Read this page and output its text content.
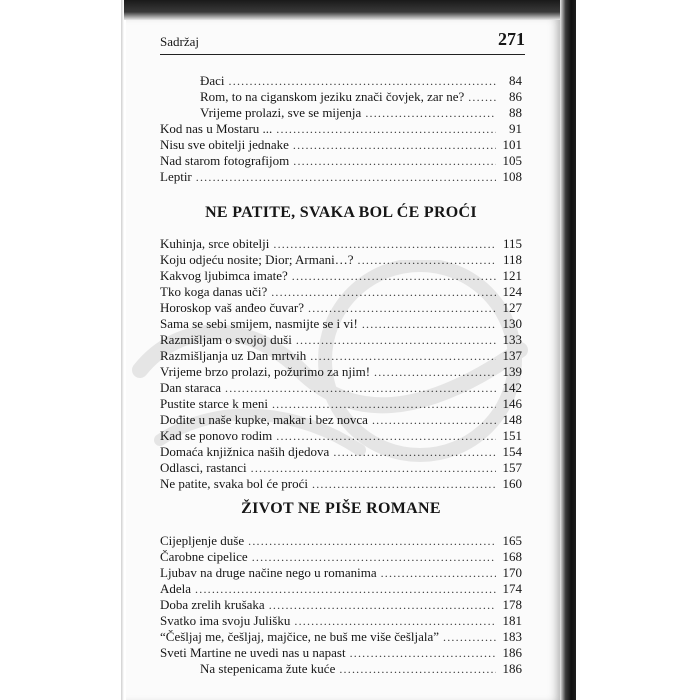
Sadržaj	271
Đaci .....	84
Rom, to na ciganskom jeziku znači čovjek, zar ne? .....	86
Vrijeme prolazi, sve se mijenja .....	88
Kod nas u Mostaru ... .....	91
Nisu sve obitelji jednake .....	101
Nad starom fotografijom .....	105
Leptir .....	108
NE PATITE, SVAKA BOL ĆE PROĆI
Kuhinja, srce obitelji .....	115
Koju odjeću nosite; Dior; Armani…? .....	118
Kakvog ljubimca imate? .....	121
Tko koga danas uči? .....	124
Horoskop vaš anđeo čuvar? .....	127
Sama se sebi smijem, nasmijte se i vi! .....	130
Razmišljam o svojoj duši .....	133
Razmišljanja uz Dan mrtvih .....	137
Vrijeme brzo prolazi, požurimo za njim! .....	139
Dan staraca .....	142
Pustite starce k meni .....	146
Dođite u naše kupke, makar i bez novca .....	148
Kad se ponovo rodim .....	151
Domaća knjižnica naših djedova .....	154
Odlasci, rastanci .....	157
Ne patite, svaka bol će proći .....	160
ŽIVOT NE PIŠE ROMANE
Cijepljenje duše .....	165
Čarobne cipelice .....	168
Ljubav na druge načine nego u romanima .....	170
Adela .....	174
Doba zrelih krušaka .....	178
Svatko ima svoju Julišku .....	181
“Češljaj me, češljaj, majčice, ne buš me više češljala” .....	183
Sveti Martine ne uvedi nas u napast .....	186
Na stepenicama žute kuće .....	186
